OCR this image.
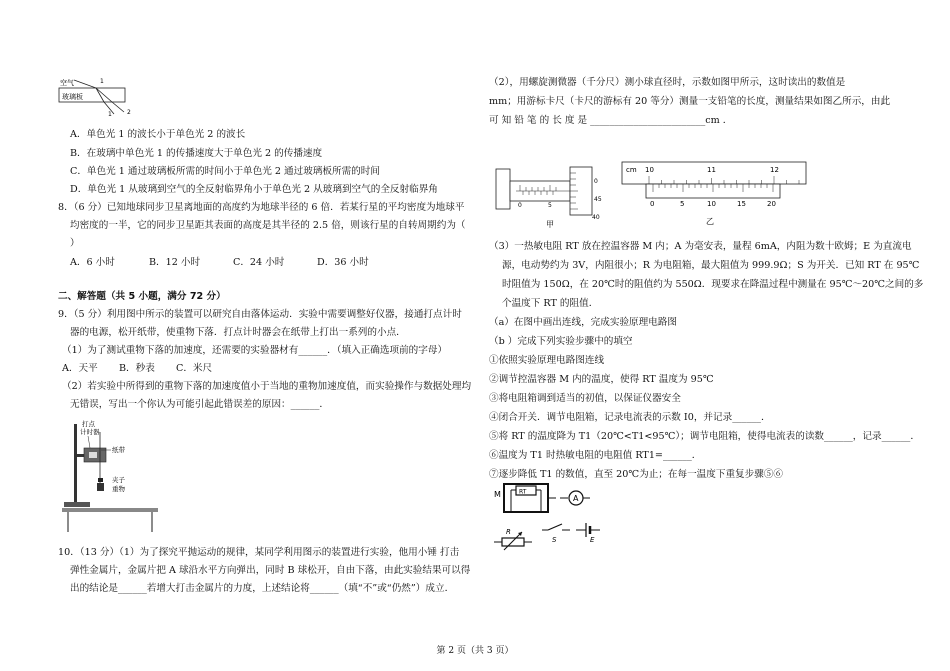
空气
玻璃板
1
1	2
A．单色光 1 的波长小于单色光 2 的波长
B．在玻璃中单色光 1 的传播速度大于单色光 2 的传播速度
C．单色光 1 通过玻璃板所需的时间小于单色光 2 通过玻璃板所需的时间
D．单色光 1 从玻璃到空气的全反射临界角小于单色光 2 从玻璃到空气的全反射临界角
8．（6 分）已知地球同步卫星离地面的高度约为地球半径的 6 倍．若某行星的平均密度为地球平
均密度的一半，它的同步卫星距其表面的高度是其半径的 2.5 倍，则该行星的自转周期约为（
）
A．6 小时	B．12 小时	C．24 小时	D．36 小时
二、解答题（共 5 小题，满分 72 分）
9．（5 分）利用图中所示的装置可以研究自由落体运动．实验中需要调整好仪器，接通打点计时
器的电源，松开纸带，使重物下落．打点计时器会在纸带上打出一系列的小点．
（1）为了测试重物下落的加速度，还需要的实验器材有______．（填入正确选项前的字母）
A．天平 B．秒表 C．米尺
（2）若实验中所得到的重物下落的加速度值小于当地的重物加速度值，而实验操作与数据处理均
无错误，写出一个你认为可能引起此错误差的原因：______．
打点
计时器
纸带
夹子
重物
10．（13 分）（1）为了探究平抛运动的规律，某同学利用图示的装置进行实验，他用小锤 打击
弹性金属片，金属片把 A 球沿水平方向弹出，同时 B 球松开，自由下落，由此实验结果可以得
出的结论是______若增大打击金属片的力度，上述结论将______（填“不”或“仍然”）成立．
（2），用螺旋测微器（千分尺）测小球直径时，示数如图甲所示，这时读出的数值是
mm；用游标卡尺（卡尺的游标有 20 等分）测量一支铅笔的长度，测量结果如图乙所示，由此
可 知 铅 笔 的 长 度 是 ________________________cm ．
0
45
40
0	5
甲
cm 10	11	12
0	5	10	15	20
乙
（3）一热敏电阻 RT 放在控温容器 M 内；A 为毫安表，量程 6mA，内阻为数十欧姆；E 为直流电
源，电动势约为 3V，内阻很小；R 为电阻箱，最大阻值为 999.9Ω；S 为开关．已知 RT 在 95℃
时阻值为 150Ω，在 20℃时的阻值约为 550Ω．现要求在降温过程中测量在 95℃～20℃之间的多
个温度下 RT 的阻值．
（a）在图中画出连线，完成实验原理电路图
（b ）完成下列实验步骤中的填空
①依照实验原理电路图连线
②调节控温容器 M 内的温度，使得 RT 温度为 95℃
③将电阻箱调到适当的初值，以保证仪器安全
④闭合开关．调节电阻箱，记录电流表的示数 I0，并记录______．
⑤将 RT 的温度降为 T1（20℃<T1<95℃）；调节电阻箱，使得电流表的读数______，记录______．
⑥温度为 T1 时热敏电阻的电阻值 RT1=______．
⑦逐步降低 T1 的数值，直至 20℃为止；在每一温度下重复步骤⑤⑥
M	RT
A
R
S	E
第 2 页（共 3 页）
